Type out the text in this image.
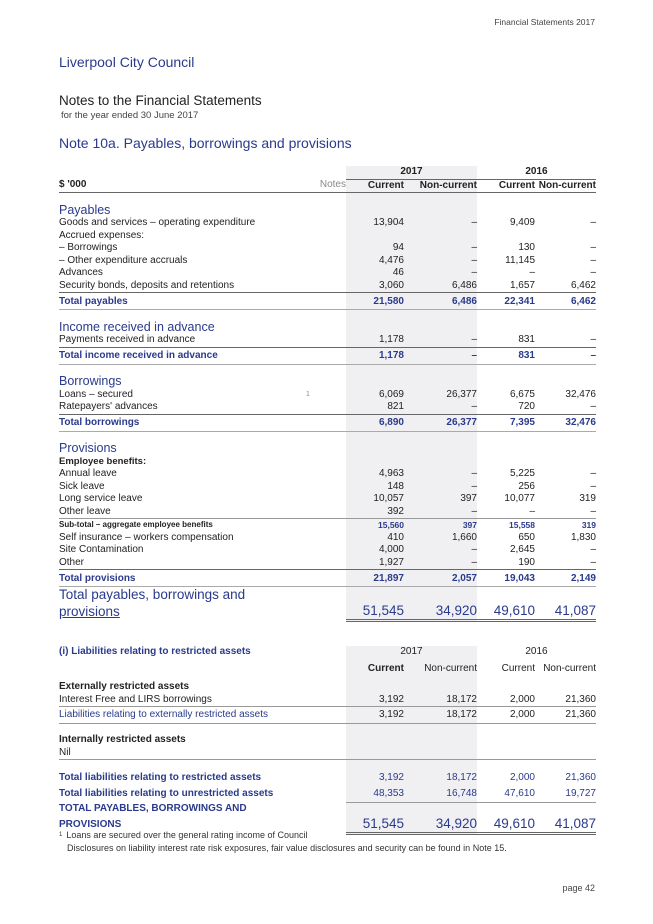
Financial Statements 2017
Liverpool City Council
Notes to the Financial Statements
for the year ended 30 June 2017
Note 10a. Payables, borrowings and provisions
		2017		2016	
$ '000	Notes	Current	Non-current	Current	Non-current
Payables					
Goods and services – operating expenditure		13,904	–	9,409	–
Accrued expenses:					
– Borrowings		94	–	130	–
– Other expenditure accruals		4,476	–	11,145	–
Advances		46	–	–	–
Security bonds, deposits and retentions		3,060	6,486	1,657	6,462
Total payables		21,580	6,486	22,341	6,462
Income received in advance					
Payments received in advance		1,178	–	831	–
Total income received in advance		1,178	–	831	–
Borrowings					
Loans – secured	1	6,069	26,377	6,675	32,476
Ratepayers' advances		821	–	720	–
Total borrowings		6,890	26,377	7,395	32,476
Provisions					
Employee benefits:					
Annual leave		4,963	–	5,225	–
Sick leave		148	–	256	–
Long service leave		10,057	397	10,077	319
Other leave		392	–	–	–
Sub-total – aggregate employee benefits		15,560	397	15,558	319
Self insurance – workers compensation		410	1,660	650	1,830
Site Contamination		4,000	–	2,645	–
Other		1,927	–	190	–
Total provisions		21,897	2,057	19,043	2,149
Total payables, borrowings and					
provisions		51,545	34,920	49,610	41,087
(i) Liabilities relating to restricted assets		2017		2016	
		Current	Non-current	Current	Non-current
Externally restricted assets					
Interest Free and LIRS borrowings		3,192	18,172	2,000	21,360
Liabilities relating to externally restricted assets		3,192	18,172	2,000	21,360

Internally restricted assets					
Nil					

Total liabilities relating to restricted assets		3,192	18,172	2,000	21,360
Total liabilities relating to unrestricted assets		48,353	16,748	47,610	19,727
TOTAL PAYABLES, BORROWINGS AND					
PROVISIONS		51,545	34,920	49,610	41,087
$^1$ Loans are secured over the general rating income of Council
Disclosures on liability interest rate risk exposures, fair value disclosures and security can be found in Note 15.
page 42
